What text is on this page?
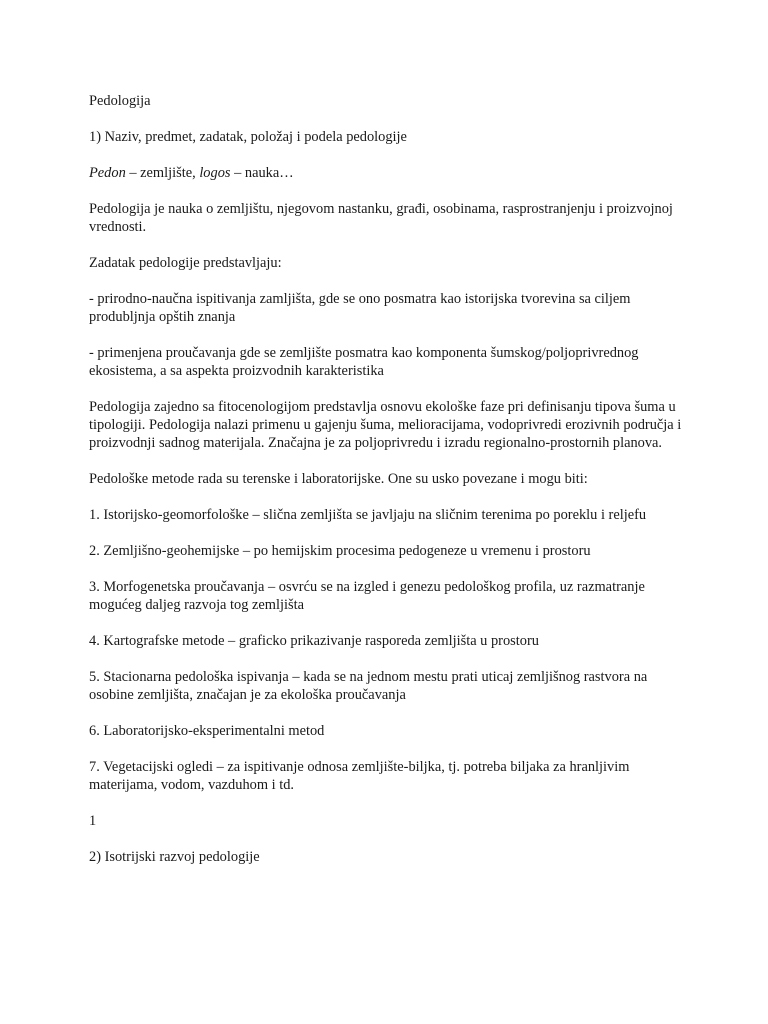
Pedologija

1) Naziv, predmet, zadatak, položaj i podela pedologije

Pedon – zemljište, logos – nauka…

Pedologija je nauka o zemljištu, njegovom nastanku, građi, osobinama, rasprostranjenju i proizvojnoj vrednosti.

Zadatak pedologije predstavljaju:

- prirodno-naučna ispitivanja zamljišta, gde se ono posmatra kao istorijska tvorevina sa ciljem produbljnja opštih znanja

- primenjena proučavanja gde se zemljište posmatra kao komponenta šumskog/poljoprivrednog ekosistema, a sa aspekta proizvodnih karakteristika

Pedologija zajedno sa fitocenologijom predstavlja osnovu ekološke faze pri definisanju tipova šuma u tipologiji. Pedologija nalazi primenu u gajenju šuma, melioracijama, vodoprivredi erozivnih područja i proizvodnji sadnog materijala. Značajna je za poljoprivredu i izradu regionalno-prostornih planova.

Pedološke metode rada su terenske i laboratorijske. One su usko povezane i mogu biti:

1. Istorijsko-geomorfološke – slična zemljišta se javljaju na sličnim terenima po poreklu i reljefu

2. Zemljišno-geohemijske – po hemijskim procesima pedogeneze u vremenu i prostoru

3. Morfogenetska proučavanja – osvrću se na izgled i genezu pedološkog profila, uz razmatranje mogućeg daljeg razvoja tog zemljišta

4. Kartografske metode – graficko prikazivanje rasporeda zemljišta u prostoru

5. Stacionarna pedološka ispivanja – kada se na jednom mestu prati uticaj zemljišnog rastvora na osobine zemljišta, značajan je za ekološka proučavanja

6. Laboratorijsko-eksperimentalni metod

7. Vegetacijski ogledi – za ispitivanje odnosa zemljište-biljka, tj. potreba biljaka za hranljivim materijama, vodom, vazduhom i td.

1

2) Isotrijski razvoj pedologije
